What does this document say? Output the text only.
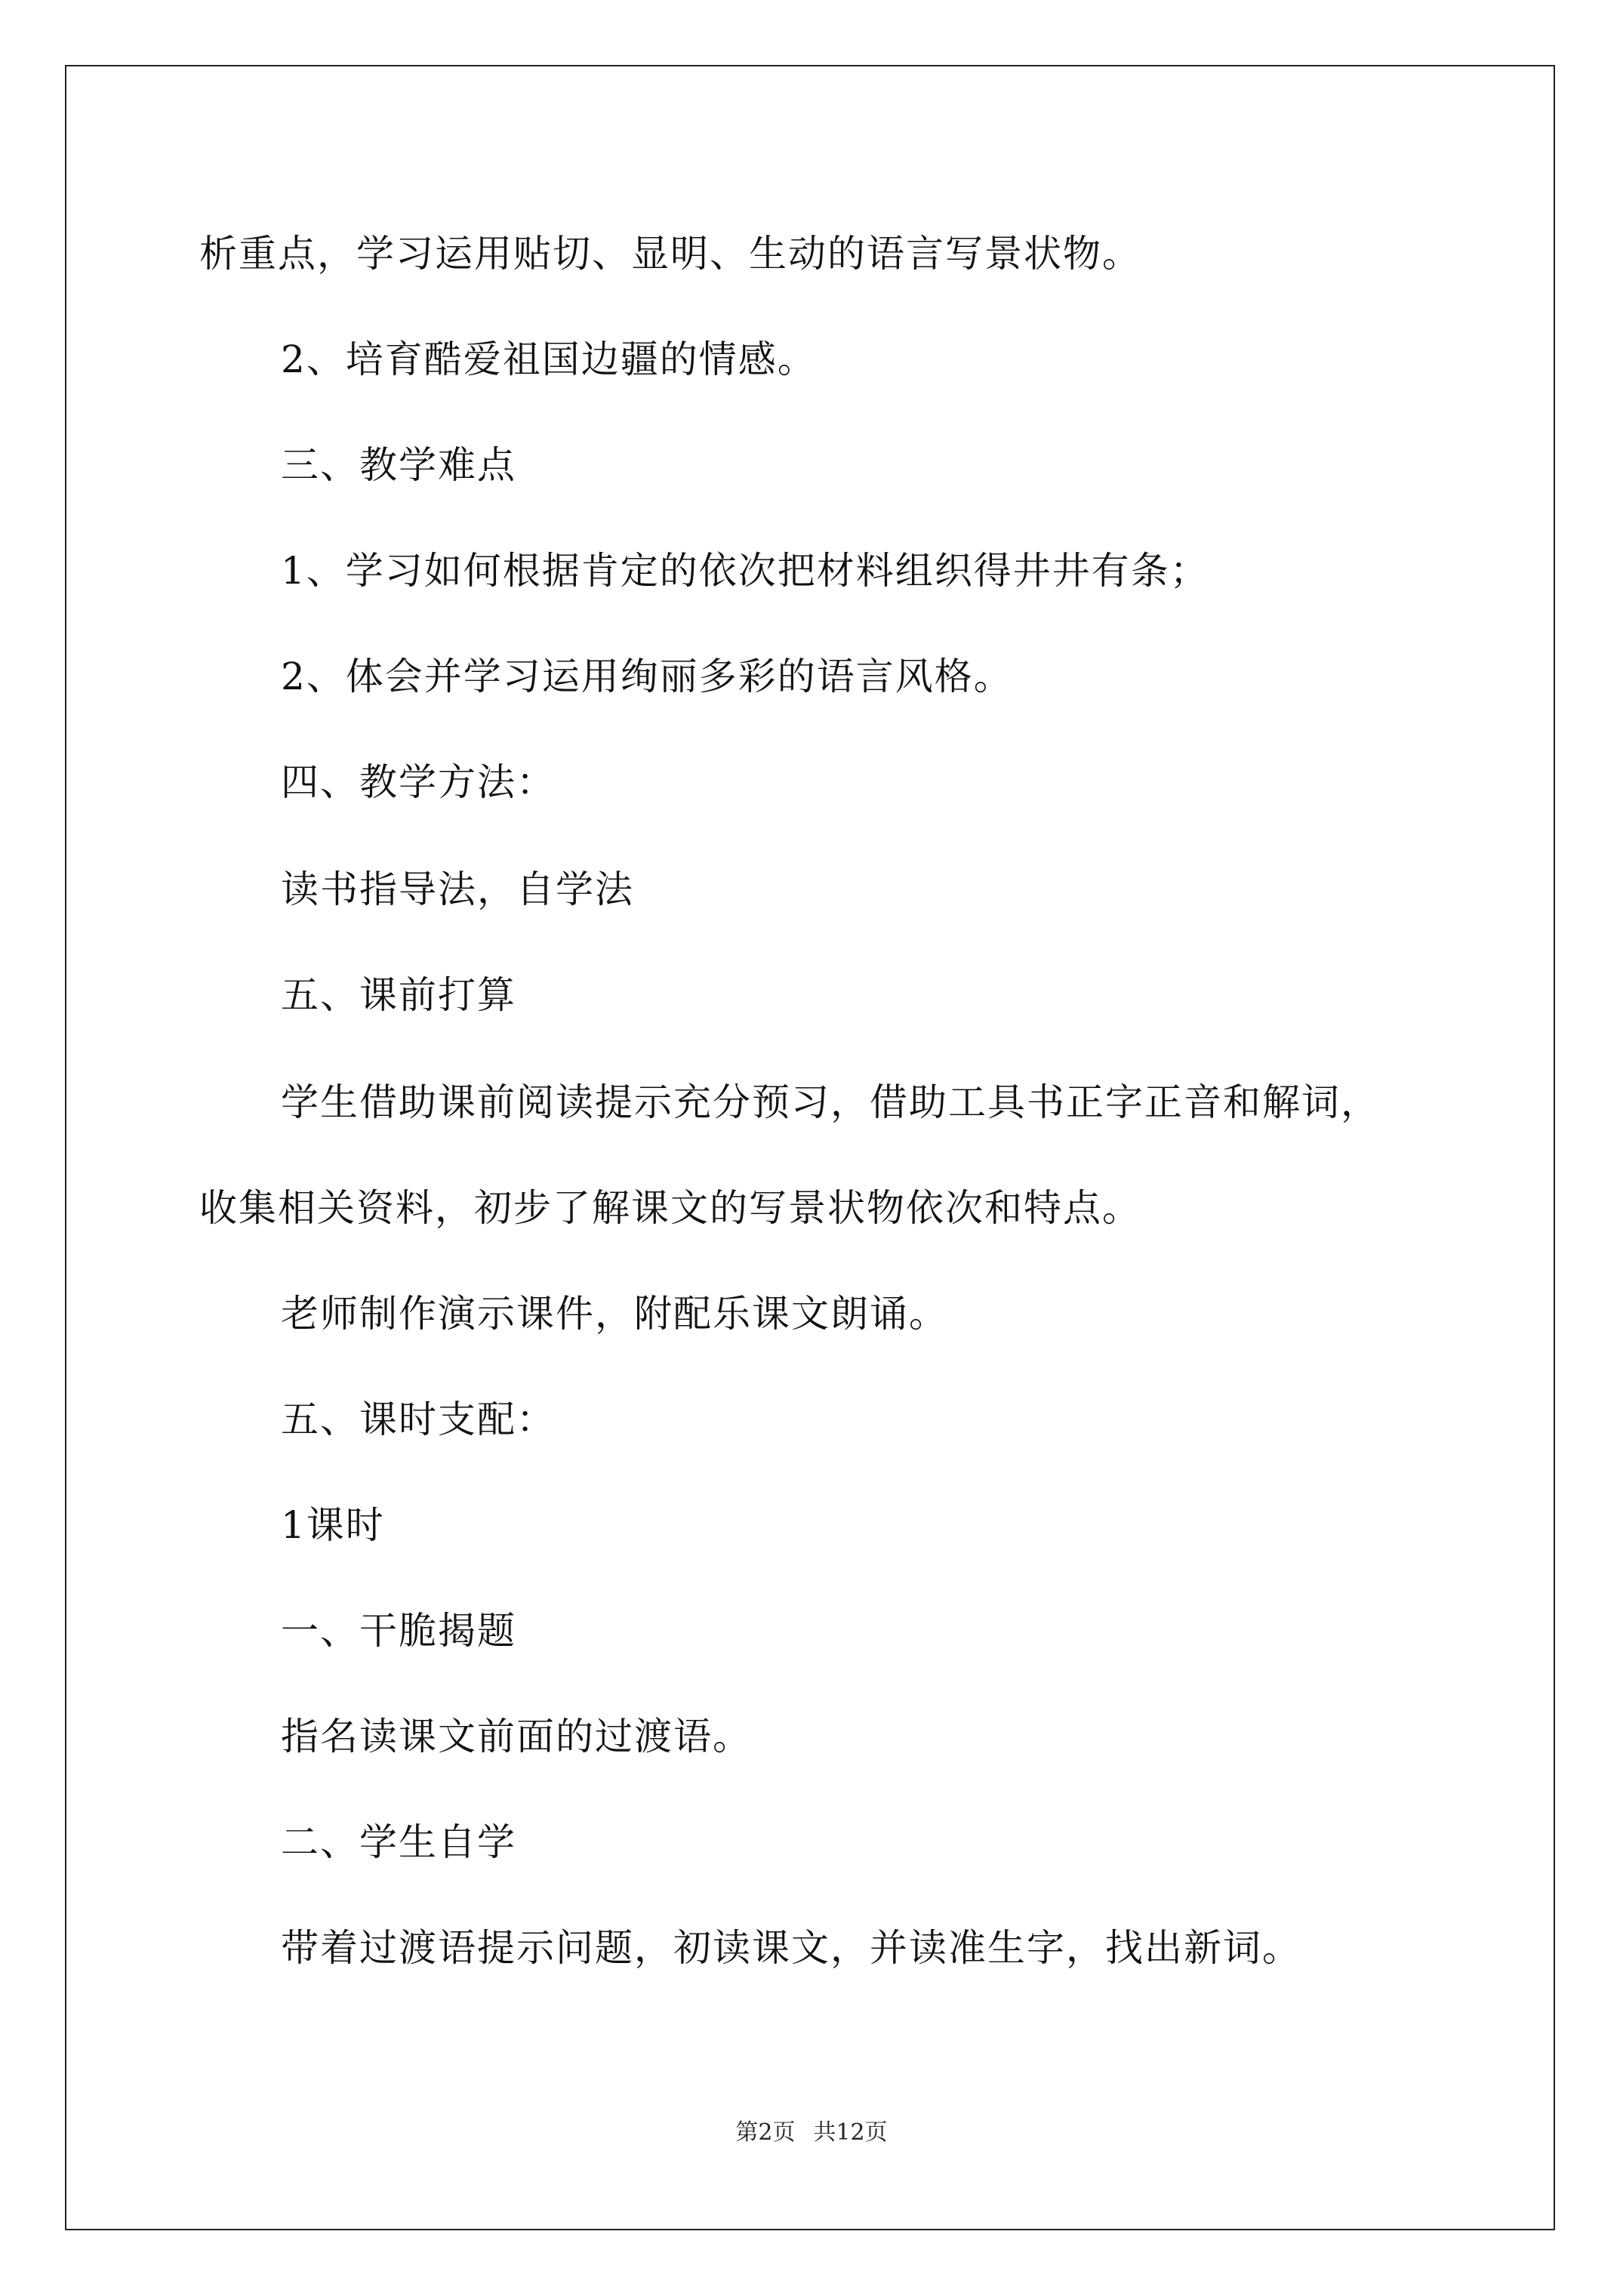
析重点，学习运用贴切、显明、生动的语言写景状物。
2、培育酷爱祖国边疆的情感。
三、教学难点
1、学习如何根据肯定的依次把材料组织得井井有条；
2、体会并学习运用绚丽多彩的语言风格。
四、教学方法：
读书指导法，自学法
五、课前打算
学生借助课前阅读提示充分预习，借助工具书正字正音和解词，
收集相关资料，初步了解课文的写景状物依次和特点。
老师制作演示课件，附配乐课文朗诵。
五、课时支配：
1课时
一、干脆揭题
指名读课文前面的过渡语。
二、学生自学
带着过渡语提示问题，初读课文，并读准生字，找出新词。
第2页 共12页
